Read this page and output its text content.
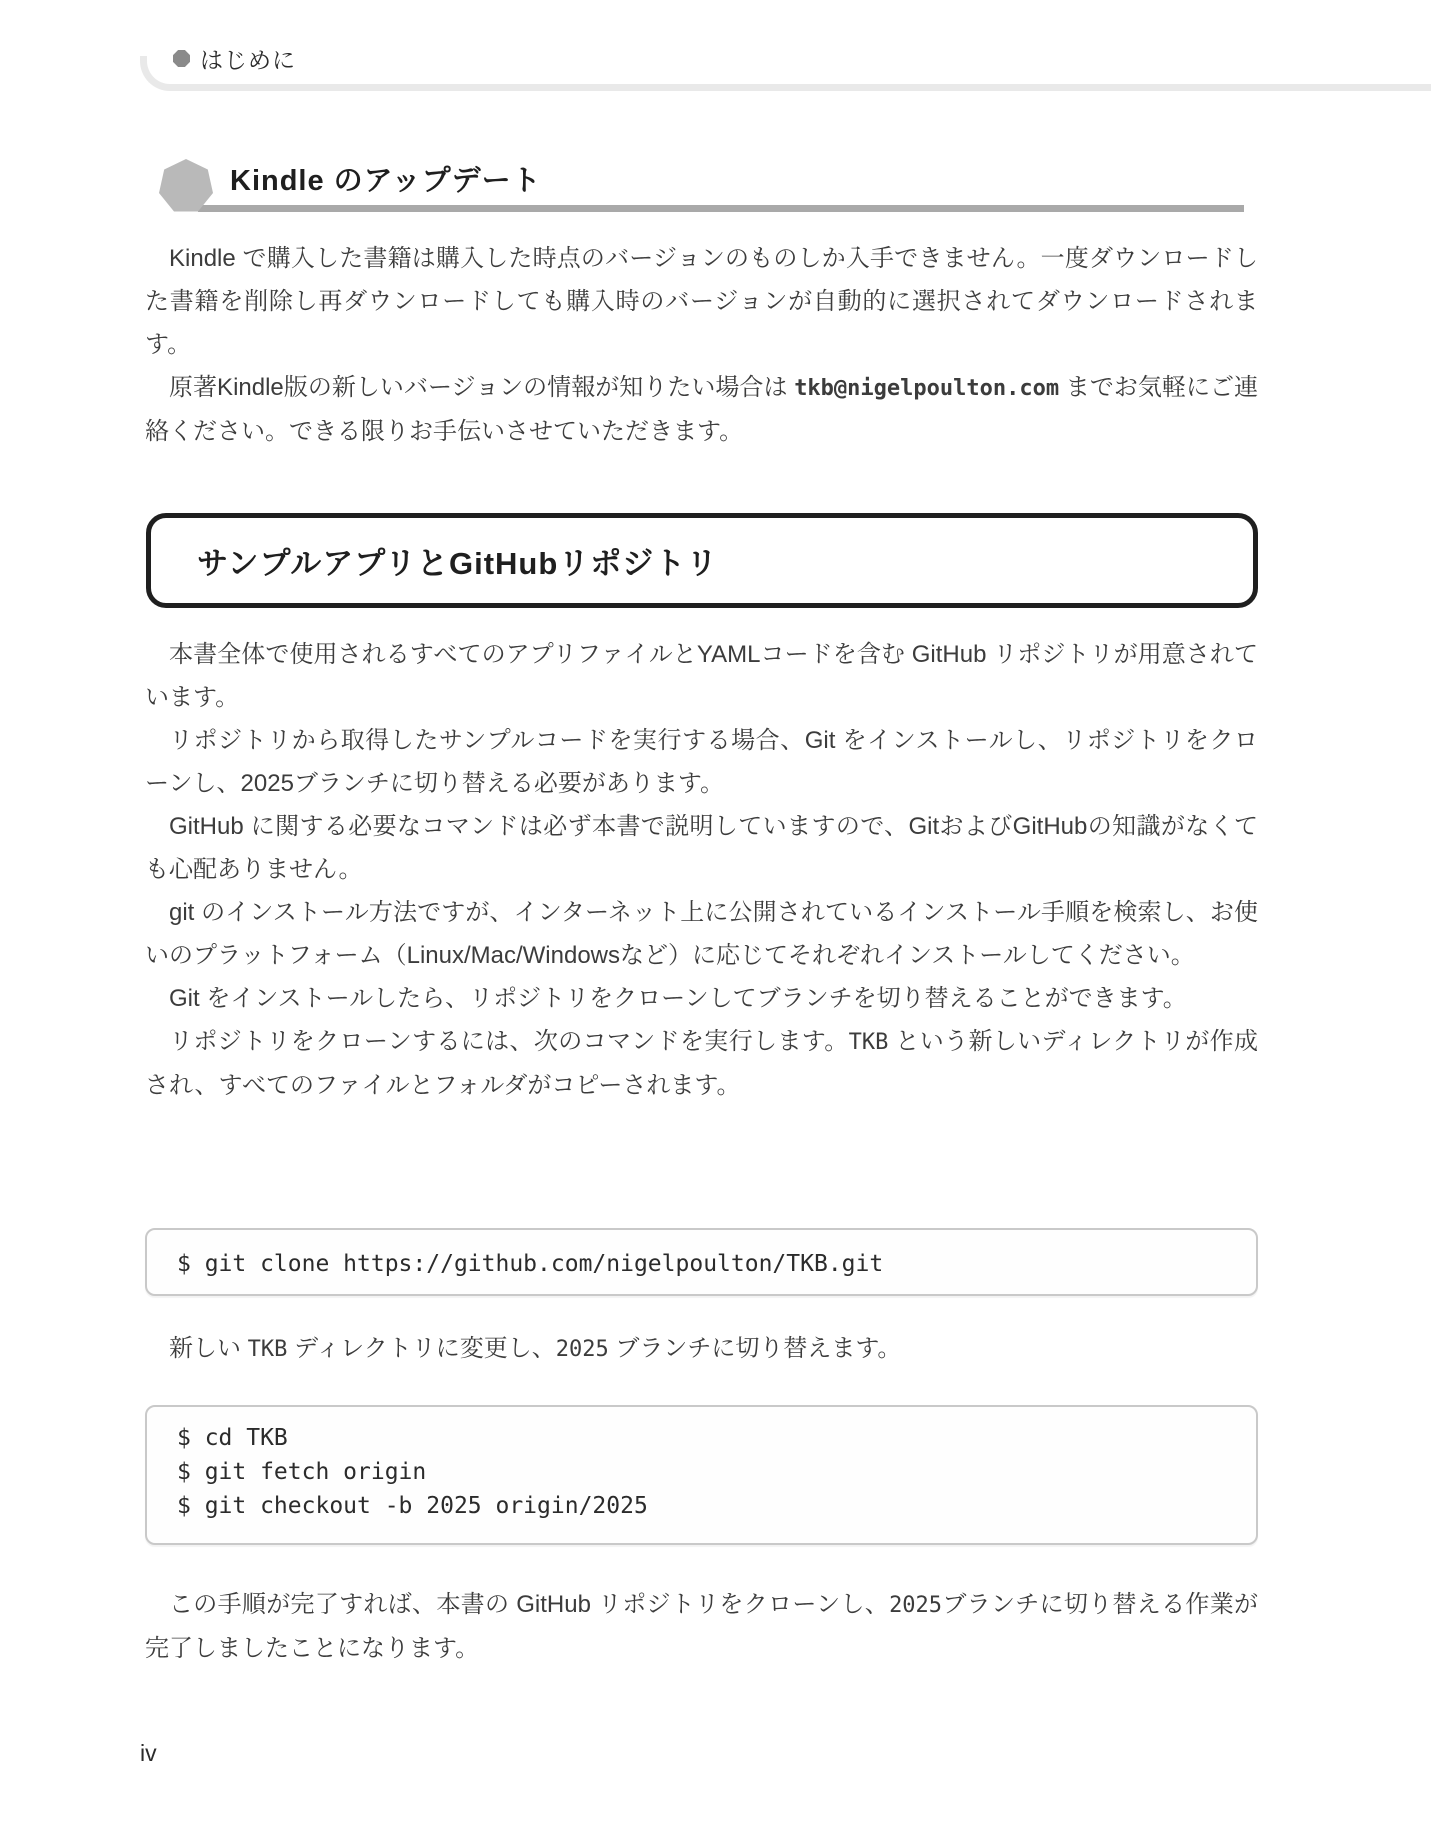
はじめに
Kindle のアップデート

Kindle で購入した書籍は購入した時点のバージョンのものしか入手できません。一度ダウンロードした書籍を削除し再ダウンロードしても購入時のバージョンが自動的に選択されてダウンロードされます。

原著Kindle版の新しいバージョンの情報が知りたい場合は tkb@nigelpoulton.com までお気軽にご連絡ください。できる限りお手伝いさせていただきます。

サンプルアプリとGitHubリポジトリ

本書全体で使用されるすべてのアプリファイルとYAMLコードを含む GitHub リポジトリが用意されています。

リポジトリから取得したサンプルコードを実行する場合、Git をインストールし、リポジトリをクローンし、2025ブランチに切り替える必要があります。

GitHub に関する必要なコマンドは必ず本書で説明していますので、GitおよびGitHubの知識がなくても心配ありません。

git のインストール方法ですが、インターネット上に公開されているインストール手順を検索し、お使いのプラットフォーム（Linux/Mac/Windowsなど）に応じてそれぞれインストールしてください。

Git をインストールしたら、リポジトリをクローンしてブランチを切り替えることができます。

リポジトリをクローンするには、次のコマンドを実行します。TKB という新しいディレクトリが作成され、すべてのファイルとフォルダがコピーされます。

$ git clone https://github.com/nigelpoulton/TKB.git

新しい TKB ディレクトリに変更し、2025 ブランチに切り替えます。

$ cd TKB
$ git fetch origin
$ git checkout -b 2025 origin/2025

この手順が完了すれば、本書の GitHub リポジトリをクローンし、2025ブランチに切り替える作業が完了しましたことになります。

iv
